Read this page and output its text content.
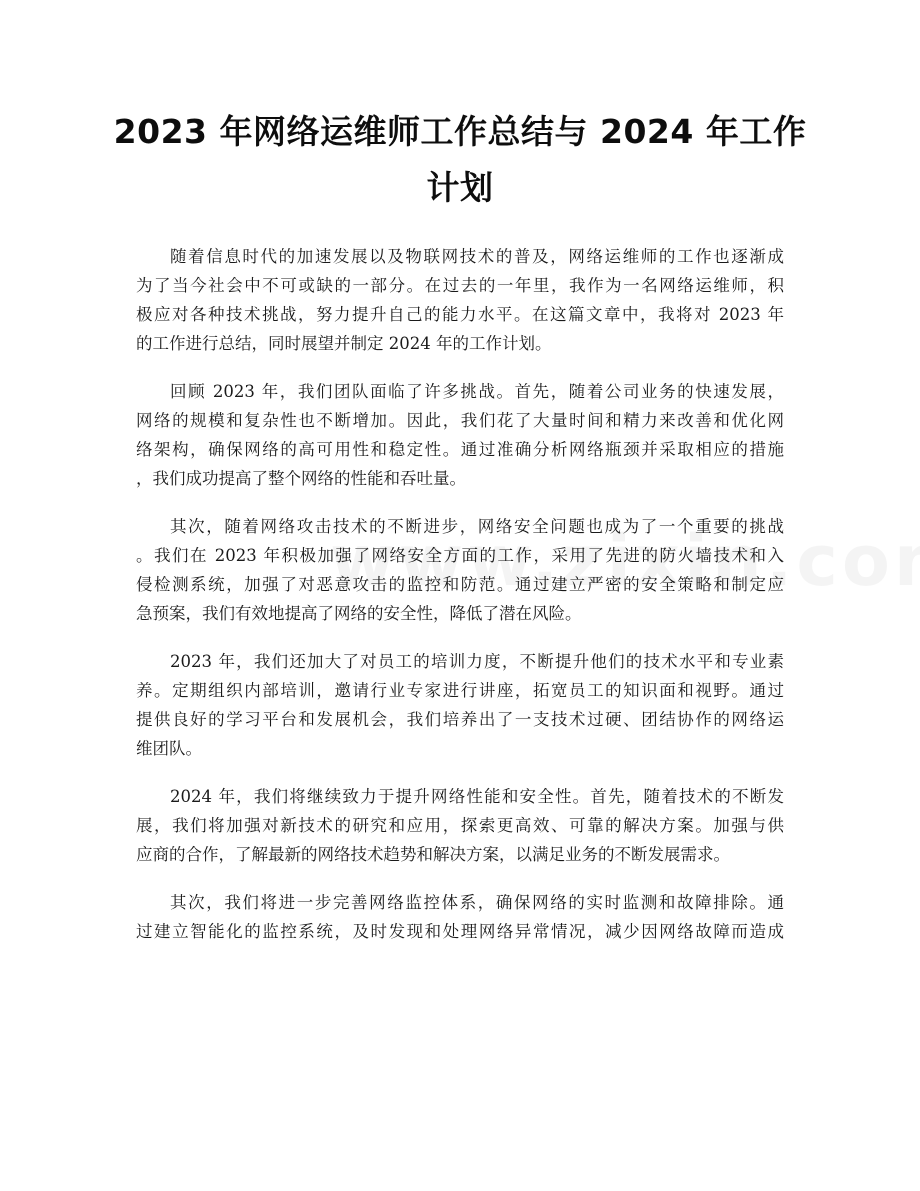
2023 年网络运维师工作总结与 2024 年工作
计划

随着信息时代的加速发展以及物联网技术的普及，网络运维师的工作也逐渐成
为了当今社会中不可或缺的一部分。在过去的一年里，我作为一名网络运维师，积
极应对各种技术挑战，努力提升自己的能力水平。在这篇文章中，我将对 2023 年
的工作进行总结，同时展望并制定 2024 年的工作计划。

回顾 2023 年，我们团队面临了许多挑战。首先，随着公司业务的快速发展，
网络的规模和复杂性也不断增加。因此，我们花了大量时间和精力来改善和优化网
络架构，确保网络的高可用性和稳定性。通过准确分析网络瓶颈并采取相应的措施
，我们成功提高了整个网络的性能和吞吐量。

其次，随着网络攻击技术的不断进步，网络安全问题也成为了一个重要的挑战
。我们在 2023 年积极加强了网络安全方面的工作，采用了先进的防火墙技术和入
侵检测系统，加强了对恶意攻击的监控和防范。通过建立严密的安全策略和制定应
急预案，我们有效地提高了网络的安全性，降低了潜在风险。

2023 年，我们还加大了对员工的培训力度，不断提升他们的技术水平和专业素
养。定期组织内部培训，邀请行业专家进行讲座，拓宽员工的知识面和视野。通过
提供良好的学习平台和发展机会，我们培养出了一支技术过硬、团结协作的网络运
维团队。

2024 年，我们将继续致力于提升网络性能和安全性。首先，随着技术的不断发
展，我们将加强对新技术的研究和应用，探索更高效、可靠的解决方案。加强与供
应商的合作，了解最新的网络技术趋势和解决方案，以满足业务的不断发展需求。

其次，我们将进一步完善网络监控体系，确保网络的实时监测和故障排除。通
过建立智能化的监控系统，及时发现和处理网络异常情况，减少因网络故障而造成
